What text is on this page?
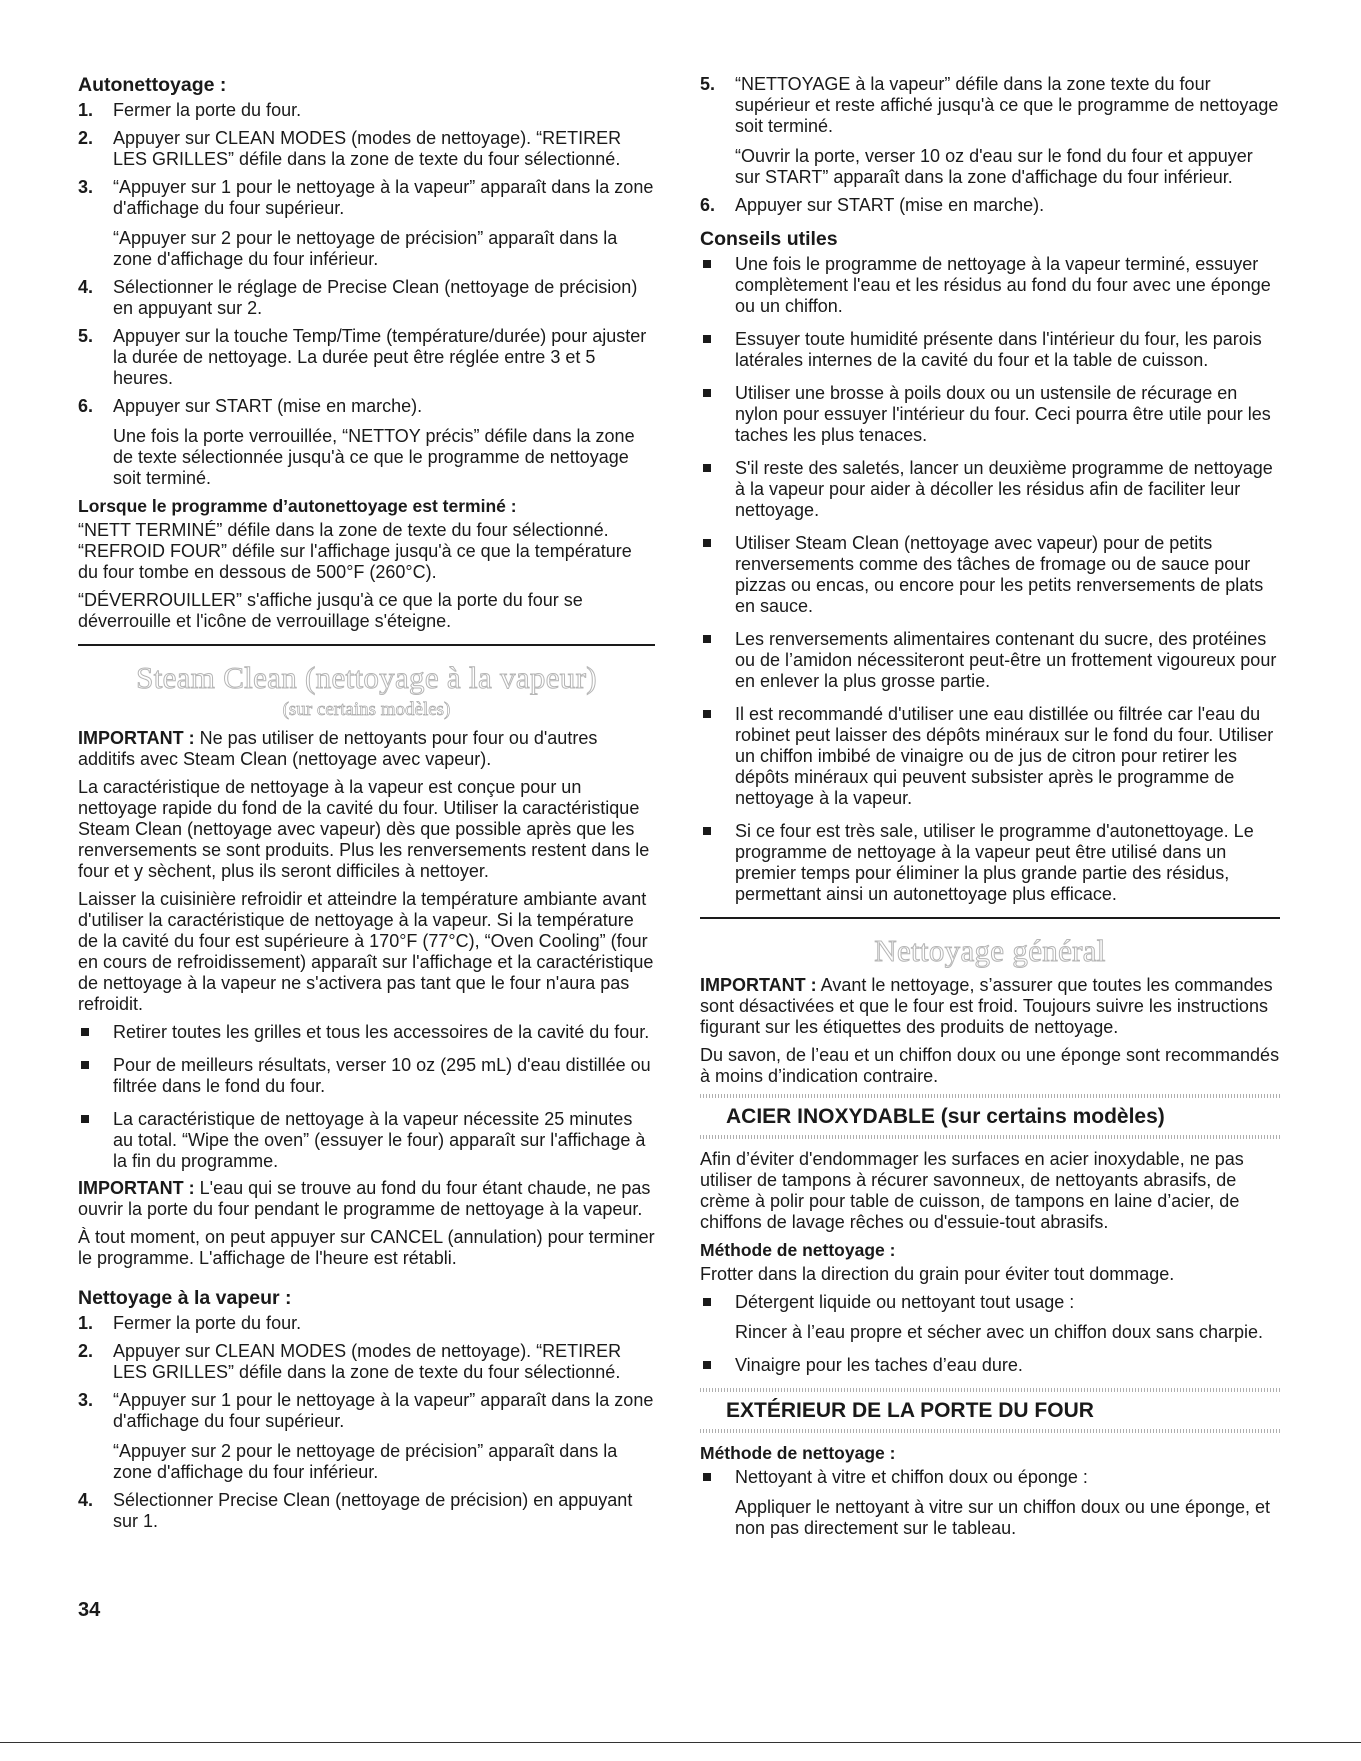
Autonettoyage :
1. Fermer la porte du four.
2. Appuyer sur CLEAN MODES (modes de nettoyage). “RETIRER LES GRILLES” défile dans la zone de texte du four sélectionné.
3. “Appuyer sur 1 pour le nettoyage à la vapeur” apparaît dans la zone d'affichage du four supérieur.

“Appuyer sur 2 pour le nettoyage de précision” apparaît dans la zone d'affichage du four inférieur.

4. Sélectionner le réglage de Precise Clean (nettoyage de précision) en appuyant sur 2.
5. Appuyer sur la touche Temp/Time (température/durée) pour ajuster la durée de nettoyage. La durée peut être réglée entre 3 et 5 heures.
6. Appuyer sur START (mise en marche).

Une fois la porte verrouillée, “NETTOY précis” défile dans la zone de texte sélectionnée jusqu'à ce que le programme de nettoyage soit terminé.

Lorsque le programme d’autonettoyage est terminé :

“NETT TERMINÉ” défile dans la zone de texte du four sélectionné. “REFROID FOUR” défile sur l'affichage jusqu'à ce que la température du four tombe en dessous de 500°F (260°C).

“DÉVERROUILLER” s'affiche jusqu'à ce que la porte du four se déverrouille et l'icône de verrouillage s'éteigne.

Steam Clean (nettoyage à la vapeur)
(sur certains modèles)

IMPORTANT : Ne pas utiliser de nettoyants pour four ou d'autres additifs avec Steam Clean (nettoyage avec vapeur).

La caractéristique de nettoyage à la vapeur est conçue pour un nettoyage rapide du fond de la cavité du four. Utiliser la caractéristique Steam Clean (nettoyage avec vapeur) dès que possible après que les renversements se sont produits. Plus les renversements restent dans le four et y sèchent, plus ils seront difficiles à nettoyer.

Laisser la cuisinière refroidir et atteindre la température ambiante avant d'utiliser la caractéristique de nettoyage à la vapeur. Si la température de la cavité du four est supérieure à 170°F (77°C), “Oven Cooling” (four en cours de refroidissement) apparaît sur l'affichage et la caractéristique de nettoyage à la vapeur ne s'activera pas tant que le four n'aura pas refroidit.

Retirer toutes les grilles et tous les accessoires de la cavité du four.
Pour de meilleurs résultats, verser 10 oz (295 mL) d'eau distillée ou filtrée dans le fond du four.
La caractéristique de nettoyage à la vapeur nécessite 25 minutes au total. “Wipe the oven” (essuyer le four) apparaît sur l'affichage à la fin du programme.

IMPORTANT : L'eau qui se trouve au fond du four étant chaude, ne pas ouvrir la porte du four pendant le programme de nettoyage à la vapeur.

À tout moment, on peut appuyer sur CANCEL (annulation) pour terminer le programme. L'affichage de l'heure est rétabli.

Nettoyage à la vapeur :
1. Fermer la porte du four.
2. Appuyer sur CLEAN MODES (modes de nettoyage). “RETIRER LES GRILLES” défile dans la zone de texte du four sélectionné.
3. “Appuyer sur 1 pour le nettoyage à la vapeur” apparaît dans la zone d'affichage du four supérieur.

“Appuyer sur 2 pour le nettoyage de précision” apparaît dans la zone d'affichage du four inférieur.

4. Sélectionner Precise Clean (nettoyage de précision) en appuyant sur 1.
5. “NETTOYAGE à la vapeur” défile dans la zone texte du four supérieur et reste affiché jusqu'à ce que le programme de nettoyage soit terminé.

“Ouvrir la porte, verser 10 oz d'eau sur le fond du four et appuyer sur START” apparaît dans la zone d'affichage du four inférieur.

6. Appuyer sur START (mise en marche).
Conseils utiles
Une fois le programme de nettoyage à la vapeur terminé, essuyer complètement l'eau et les résidus au fond du four avec une éponge ou un chiffon.
Essuyer toute humidité présente dans l'intérieur du four, les parois latérales internes de la cavité du four et la table de cuisson.
Utiliser une brosse à poils doux ou un ustensile de récurage en nylon pour essuyer l'intérieur du four. Ceci pourra être utile pour les taches les plus tenaces.
S'il reste des saletés, lancer un deuxième programme de nettoyage à la vapeur pour aider à décoller les résidus afin de faciliter leur nettoyage.
Utiliser Steam Clean (nettoyage avec vapeur) pour de petits renversements comme des tâches de fromage ou de sauce pour pizzas ou encas, ou encore pour les petits renversements de plats en sauce.
Les renversements alimentaires contenant du sucre, des protéines ou de l’amidon nécessiteront peut-être un frottement vigoureux pour en enlever la plus grosse partie.
Il est recommandé d'utiliser une eau distillée ou filtrée car l'eau du robinet peut laisser des dépôts minéraux sur le fond du four. Utiliser un chiffon imbibé de vinaigre ou de jus de citron pour retirer les dépôts minéraux qui peuvent subsister après le programme de nettoyage à la vapeur.
Si ce four est très sale, utiliser le programme d'autonettoyage. Le programme de nettoyage à la vapeur peut être utilisé dans un premier temps pour éliminer la plus grande partie des résidus, permettant ainsi un autonettoyage plus efficace.
Nettoyage général

IMPORTANT : Avant le nettoyage, s’assurer que toutes les commandes sont désactivées et que le four est froid. Toujours suivre les instructions figurant sur les étiquettes des produits de nettoyage.

Du savon, de l’eau et un chiffon doux ou une éponge sont recommandés à moins d’indication contraire.

ACIER INOXYDABLE (sur certains modèles)

Afin d’éviter d'endommager les surfaces en acier inoxydable, ne pas utiliser de tampons à récurer savonneux, de nettoyants abrasifs, de crème à polir pour table de cuisson, de tampons en laine d’acier, de chiffons de lavage rêches ou d'essuie-tout abrasifs.

Méthode de nettoyage :

Frotter dans la direction du grain pour éviter tout dommage.

Détergent liquide ou nettoyant tout usage :

Rincer à l’eau propre et sécher avec un chiffon doux sans charpie.

Vinaigre pour les taches d’eau dure.
EXTÉRIEUR DE LA PORTE DU FOUR
Méthode de nettoyage :
Nettoyant à vitre et chiffon doux ou éponge :

Appliquer le nettoyant à vitre sur un chiffon doux ou une éponge, et non pas directement sur le tableau.

34
